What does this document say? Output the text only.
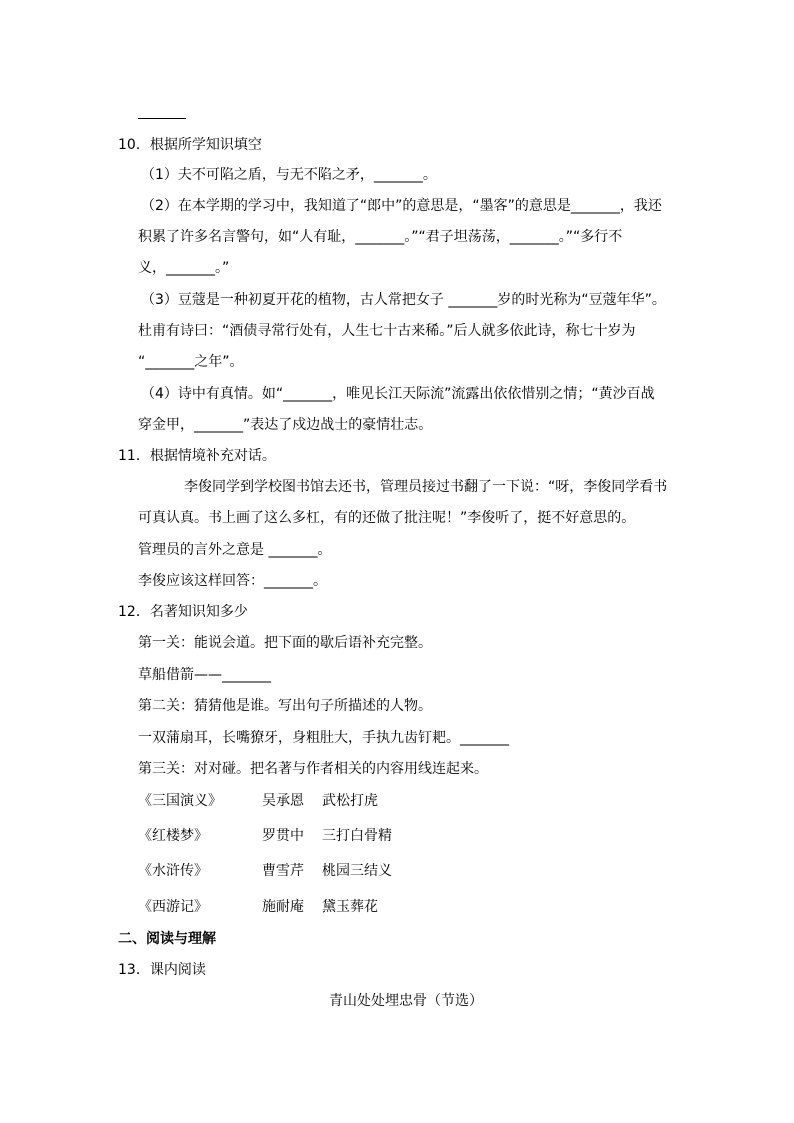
10．根据所学知识填空
（1）夫不可陷之盾，与无不陷之矛，_______。
（2）在本学期的学习中，我知道了“郎中”的意思是，“墨客”的意思是_______，我还
积累了许多名言警句，如“人有耻，_______。”“君子坦荡荡，_______。”“多行不
义，_______。”
（3）豆蔻是一种初夏开花的植物，古人常把女子 _______岁的时光称为“豆蔻年华”。
杜甫有诗曰：“酒债寻常行处有，人生七十古来稀。”后人就多依此诗，称七十岁为
“_______之年”。
（4）诗中有真情。如“_______，唯见长江天际流”流露出依依惜别之情；“黄沙百战
穿金甲，_______”表达了戍边战士的豪情壮志。
11．根据情境补充对话。
李俊同学到学校图书馆去还书，管理员接过书翻了一下说：“呀，李俊同学看书
可真认真。书上画了这么多杠，有的还做了批注呢！”李俊听了，挺不好意思的。
管理员的言外之意是 _______。
李俊应该这样回答：_______。
12．名著知识知多少
第一关：能说会道。把下面的歇后语补充完整。
草船借箭——_______
第二关：猜猜他是谁。写出句子所描述的人物。
一双蒲扇耳，长嘴獠牙，身粗肚大，手执九齿钉耙。_______
第三关：对对碰。把名著与作者相关的内容用线连起来。
《三国演义》	吴承恩 武松打虎
《红楼梦》	罗贯中 三打白骨精
《水浒传》	曹雪芹 桃园三结义
《西游记》	施耐庵 黛玉葬花
二、阅读与理解
13．课内阅读
青山处处埋忠骨（节选）
